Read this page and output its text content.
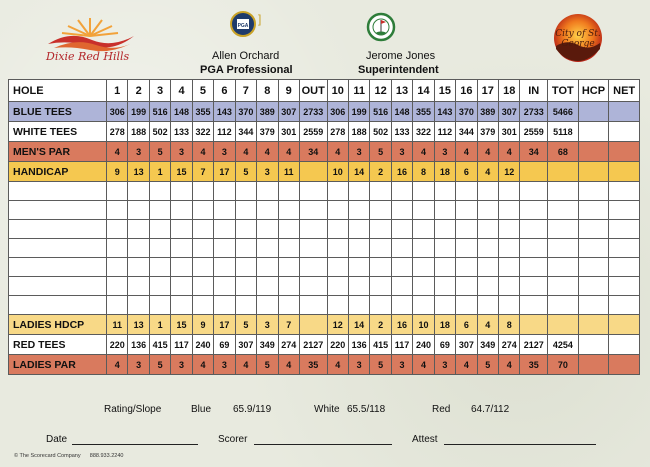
Dixie Red Hills
PGA ]
Allen Orchard
PGA Professional
Jerome Jones
Superintendent
City of St. George
HOLE	1	2	3	4	5	6	7	8	9	OUT	10	11	12	13	14	15	16	17	18	IN	TOT	HCP	NET
BLUE TEES	306	199	516	148	355	143	370	389	307	2733	306	199	516	148	355	143	370	389	307	2733	5466		
WHITE TEES	278	188	502	133	322	112	344	379	301	2559	278	188	502	133	322	112	344	379	301	2559	5118		
MEN'S PAR	4	3	5	3	4	3	4	4	4	34	4	3	5	3	4	3	4	4	4	34	68		
HANDICAP	9	13	1	15	7	17	5	3	11		10	14	2	16	8	18	6	4	12				

LADIES HDCP	11	13	1	15	9	17	5	3	7		12	14	2	16	10	18	6	4	8				
RED TEES	220	136	415	117	240	69	307	349	274	2127	220	136	415	117	240	69	307	349	274	2127	4254		
LADIES PAR	4	3	5	3	4	3	4	5	4	35	4	3	5	3	4	3	4	5	4	35	70		
Rating/Slope	Blue 65.9/119	White 65.5/118	Red 64.7/112
Date	Scorer	Attest
© The Scorecard Company 888.933.2240
